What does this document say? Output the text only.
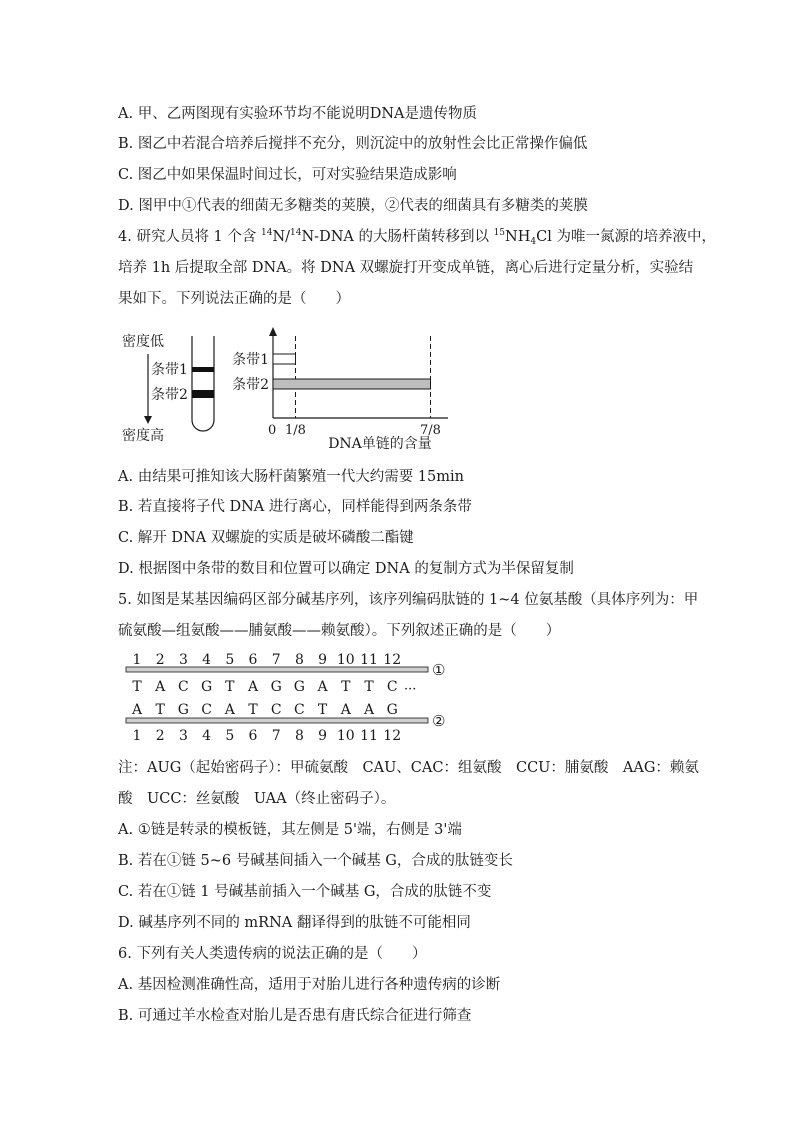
A. 甲、乙两图现有实验环节均不能说明DNA是遗传物质
B. 图乙中若混合培养后搅拌不充分，则沉淀中的放射性会比正常操作偏低
C. 图乙中如果保温时间过长，可对实验结果造成影响
D. 图甲中①代表的细菌无多糖类的荚膜，②代表的细菌具有多糖类的荚膜
4. 研究人员将 1 个含 $^{14}$N/$^{14}$N-DNA 的大肠杆菌转移到以 $^{15}NH_4Cl$ 为唯一氮源的培养液中，
培养 1h 后提取全部 DNA。将 DNA 双螺旋打开变成单链，离心后进行定量分析，实验结
果如下。下列说法正确的是（　　）
密度低
密度高
条带1
条带2
条带1
条带2
0 1/8	7/8
DNA单链的含量
A. 由结果可推知该大肠杆菌繁殖一代大约需要 15min
B. 若直接将子代 DNA 进行离心，同样能得到两条条带
C. 解开 DNA 双螺旋的实质是破坏磷酸二酯键
D. 根据图中条带的数目和位置可以确定 DNA 的复制方式为半保留复制
5. 如图是某基因编码区部分碱基序列，该序列编码肽链的 1~4 位氨基酸（具体序列为：甲
硫氨酸—组氨酸——脯氨酸——赖氨酸）。下列叙述正确的是（　　）
①
②
···
1
1
2
2
3
3
4
4
5
5
6
6
7
7
8
8
9
9
10
10
11
11
12
12
T A C G T A G G A T T C
A T G C A T C C T A A G
注：AUG（起始密码子）：甲硫氨酸　CAU、CAC：组氨酸　CCU：脯氨酸　AAG：赖氨
酸　UCC：丝氨酸　UAA（终止密码子）。
A. ①链是转录的模板链，其左侧是 5'端，右侧是 3'端
B. 若在①链 5~6 号碱基间插入一个碱基 G，合成的肽链变长
C. 若在①链 1 号碱基前插入一个碱基 G，合成的肽链不变
D. 碱基序列不同的 mRNA 翻译得到的肽链不可能相同
6. 下列有关人类遗传病的说法正确的是（　　）
A. 基因检测准确性高，适用于对胎儿进行各种遗传病的诊断
B. 可通过羊水检查对胎儿是否患有唐氏综合征进行筛查
